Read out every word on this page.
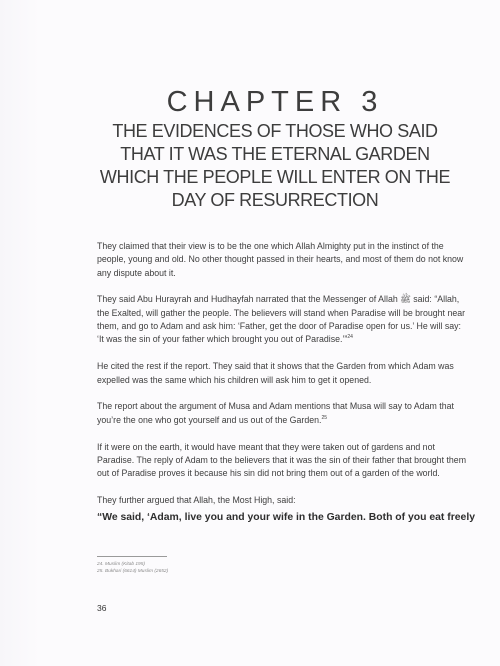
CHAPTER 3
THE EVIDENCES OF THOSE WHO SAID
THAT IT WAS THE ETERNAL GARDEN
WHICH THE PEOPLE WILL ENTER ON THE
DAY OF RESURRECTION

They claimed that their view is to be the one which Allah Almighty put in the instinct of the people, young and old. No other thought passed in their hearts, and most of them do not know any dispute about it.

They said Abu Hurayrah and Hudhayfah narrated that the Messenger of Allah ﷺ said: “Allah, the Exalted, will gather the people. The believers will stand when Paradise will be brought near them, and go to Adam and ask him: ‘Father, get the door of Paradise open for us.’ He will say: ‘It was the sin of your father which brought you out of Paradise.’”$^{24}$

He cited the rest if the report. They said that it shows that the Garden from which Adam was expelled was the same which his children will ask him to get it opened.

The report about the argument of Musa and Adam mentions that Musa will say to Adam that you’re the one who got yourself and us out of the Garden.$^{25}$

If it were on the earth, it would have meant that they were taken out of gardens and not Paradise. The reply of Adam to the believers that it was the sin of their father that brought them out of Paradise proves it because his sin did not bring them out of a garden of the world.

They further argued that Allah, the Most High, said:

“We said, ‘Adam, live you and your wife in the Garden. Both of you eat freely
24. Muslim (Kitab 195)
25. Bukhari (6614) Muslim (2652)
36
